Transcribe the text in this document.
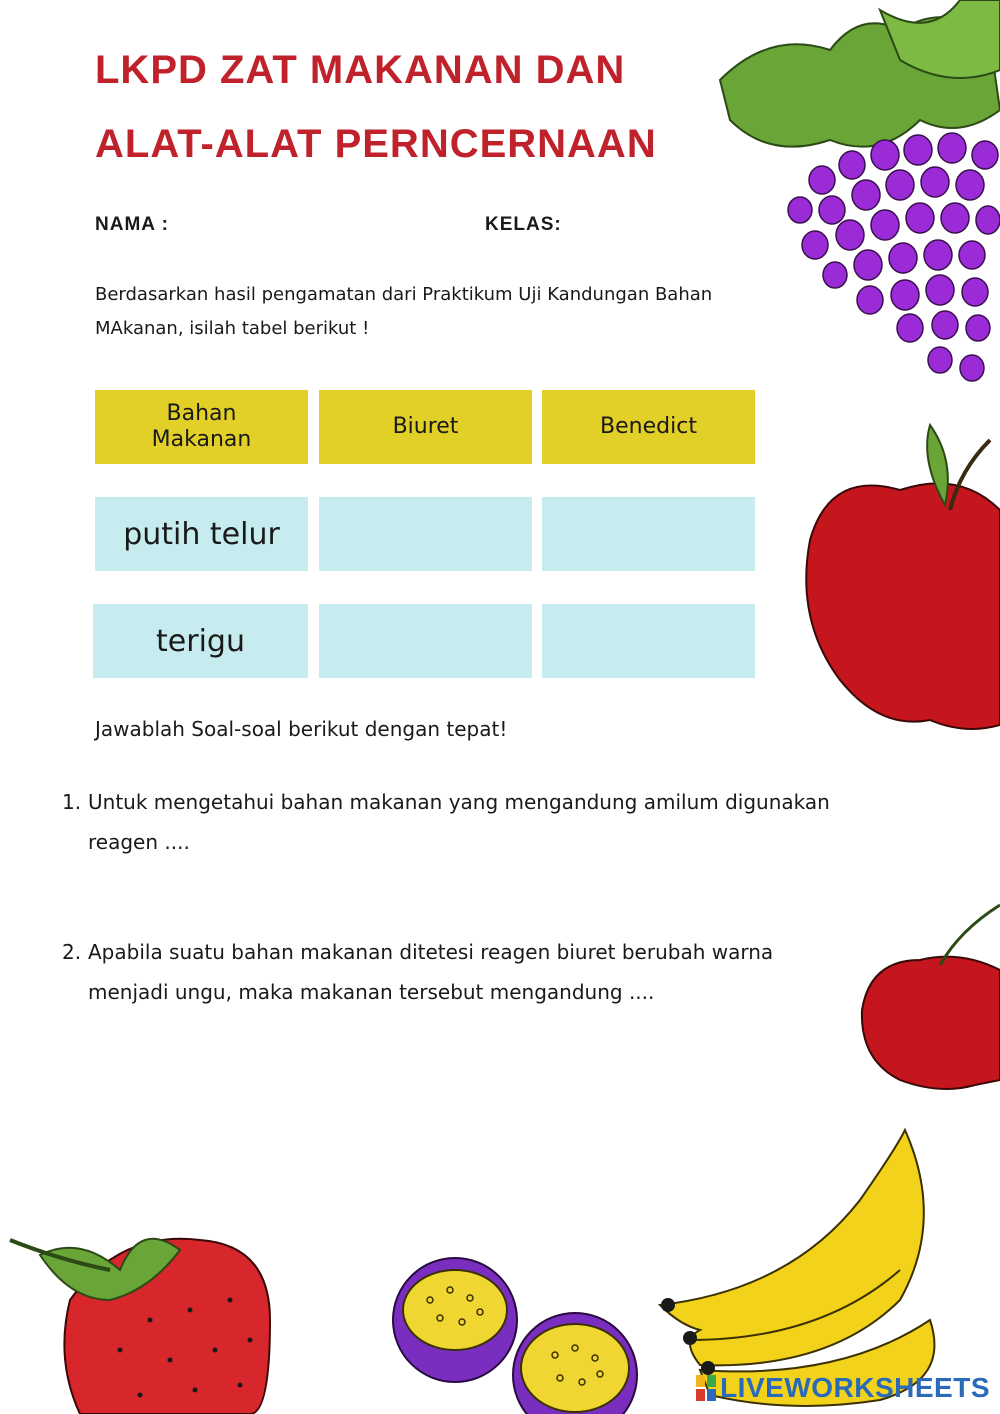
LKPD ZAT MAKANAN DAN
ALAT-ALAT PERNCERNAAN
NAMA :	KELAS:
Berdasarkan hasil pengamatan dari Praktikum Uji Kandungan Bahan
MAkanan, isilah tabel berikut !
Bahan Makanan
Biuret	Benedict
putih telur
terigu
Jawablah Soal-soal berikut dengan tepat!
1. Untuk mengetahui bahan makanan yang mengandung amilum digunakan
reagen ....
2. Apabila suatu bahan makanan ditetesi reagen biuret berubah warna
menjadi ungu, maka makanan tersebut mengandung ....
LIVEWORKSHEETS
